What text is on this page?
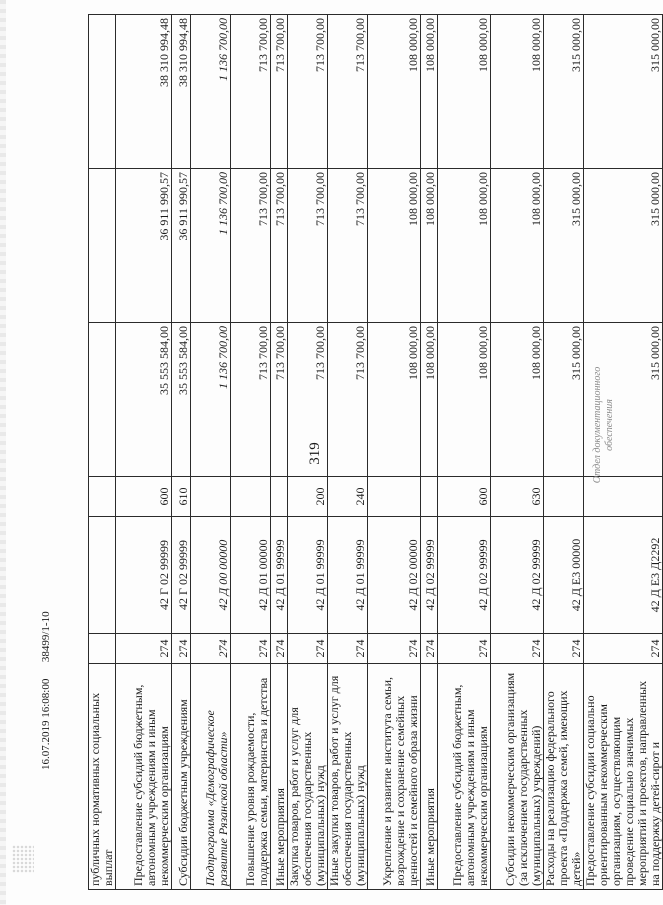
319
публичных нормативных социальных выплат						
Предоставление субсидий бюджетным, автономным учреждениям и иным некоммерческим организациям	274	42 Г 02 99999	600	35 553 584,00	36 911 990,57	38 310 994,48
Субсидии бюджетным учреждениям	274	42 Г 02 99999	610	35 553 584,00	36 911 990,57	38 310 994,48
Подпрограмма «Демографическое развитие Рязанской области»	274	42 Д 00 00000		1 136 700,00	1 136 700,00	1 136 700,00
Повышение уровня рождаемости, поддержка семьи, материнства и детства	274	42 Д 01 00000		713 700,00	713 700,00	713 700,00
Иные мероприятия	274	42 Д 01 99999		713 700,00	713 700,00	713 700,00
Закупка товаров, работ и услуг для обеспечения государственных (муниципальных) нужд	274	42 Д 01 99999	200	713 700,00	713 700,00	713 700,00
Иные закупки товаров, работ и услуг для обеспечения государственных (муниципальных) нужд	274	42 Д 01 99999	240	713 700,00	713 700,00	713 700,00
Укрепление и развитие института семьи, возрождение и сохранение семейных ценностей и семейного образа жизни	274	42 Д 02 00000		108 000,00	108 000,00	108 000,00
Иные мероприятия	274	42 Д 02 99999		108 000,00	108 000,00	108 000,00
Предоставление субсидий бюджетным, автономным учреждениям и иным некоммерческим организациям	274	42 Д 02 99999	600	108 000,00	108 000,00	108 000,00
Субсидии некоммерческим организациям (за исключением государственных (муниципальных) учреждений)	274	42 Д 02 99999	630	108 000,00	108 000,00	108 000,00
Расходы на реализацию федерального проекта «Поддержка семей, имеющих детей»	274	42 Д Е3 00000		315 000,00	315 000,00	315 000,00
Предоставление субсидии социально ориентированным некоммерческим организациям, осуществляющим проведение социально значимых мероприятий и проектов, направленных на поддержку детей-сирот и	274	42 Д Е3 Д2292		315 000,00	315 000,00	315 000,00
16.07.2019 16:08:00      38499/1-10
Отдел документационного обеспечения
